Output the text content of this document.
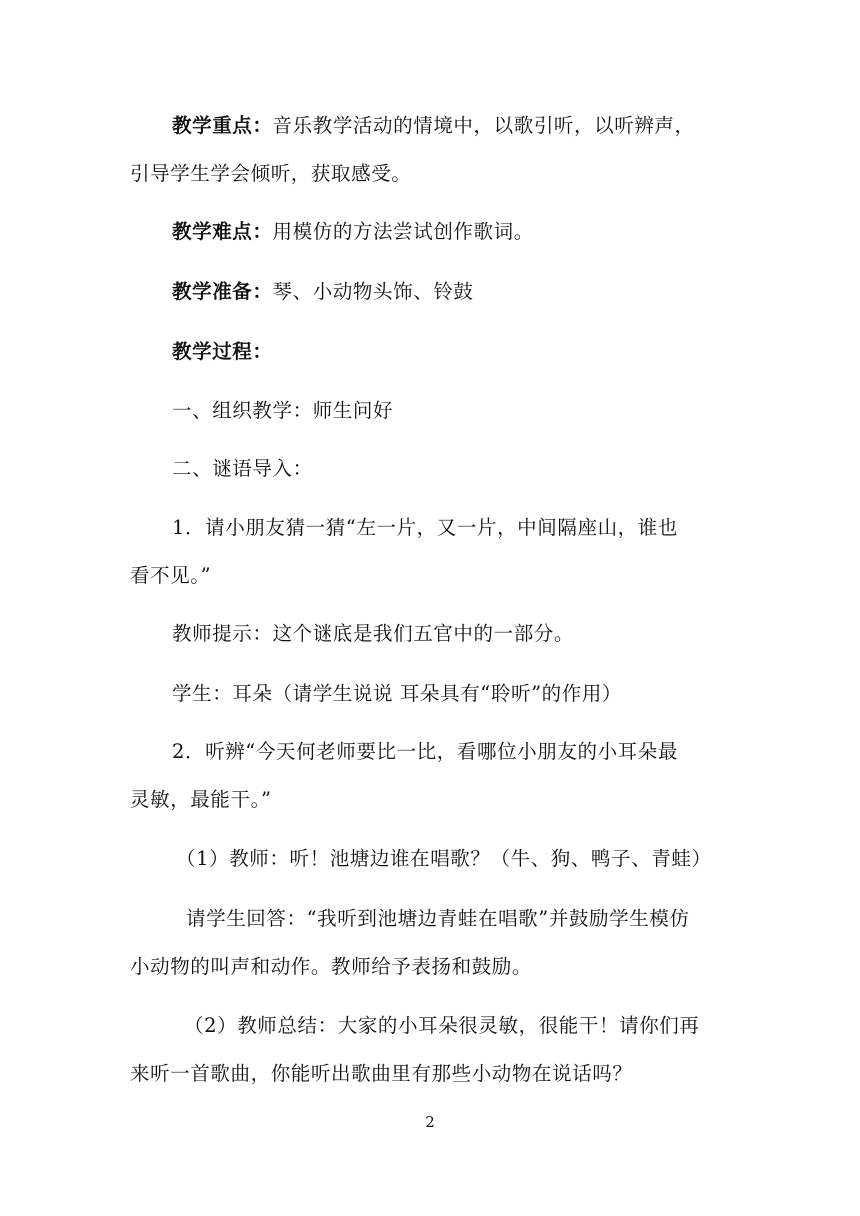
教学重点：音乐教学活动的情境中，以歌引听，以听辨声，
引导学生学会倾听，获取感受。
教学难点：用模仿的方法尝试创作歌词。
教学准备：琴、小动物头饰、铃鼓
教学过程：
一、组织教学：师生问好
二、谜语导入：
1．请小朋友猜一猜“左一片，又一片，中间隔座山，谁也
看不见。”
教师提示：这个谜底是我们五官中的一部分。
学生：耳朵（请学生说说 耳朵具有“聆听”的作用）
2．听辨“今天何老师要比一比，看哪位小朋友的小耳朵最
灵敏，最能干。”
（1）教师：听！池塘边谁在唱歌？（牛、狗、鸭子、青蛙）
请学生回答：“我听到池塘边青蛙在唱歌”并鼓励学生模仿
小动物的叫声和动作。教师给予表扬和鼓励。
（2）教师总结：大家的小耳朵很灵敏，很能干！请你们再
来听一首歌曲，你能听出歌曲里有那些小动物在说话吗？
2
